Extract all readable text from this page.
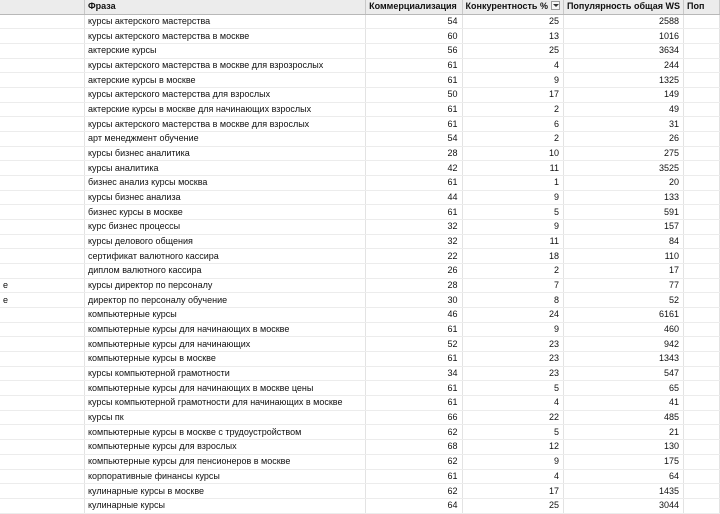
	Фраза	Коммерциализация	Конкурентность %	Популярность общая WS	Поп
	курсы актерского мастерства	54	25	2588	
	курсы актерского мастерства в москве	60	13	1016	
	актерские курсы	56	25	3634	
	курсы актерского мастерства в москве для взрозрослых	61	4	244	
	актерские курсы в москве	61	9	1325	
	курсы актерского мастерства для взрослых	50	17	149	
	актерские курсы в москве для начинающих взрослых	61	2	49	
	курсы актерского мастерства в москве для взрослых	61	6	31	
	арт менеджмент обучение	54	2	26	
	курсы бизнес аналитика	28	10	275	
	курсы аналитика	42	11	3525	
	бизнес анализ курсы москва	61	1	20	
	курсы бизнес анализа	44	9	133	
	бизнес курсы в москве	61	5	591	
	курс бизнес процессы	32	9	157	
	курсы делового общения	32	11	84	
	сертификат валютного кассира	22	18	110	
	диплом валютного кассира	26	2	17	
e	курсы директор по персоналу	28	7	77	
e	директор по персоналу обучение	30	8	52	
	компьютерные курсы	46	24	6161	
	компьютерные курсы для начинающих в москве	61	9	460	
	компьютерные курсы для начинающих	52	23	942	
	компьютерные курсы в москве	61	23	1343	
	курсы компьютерной грамотности	34	23	547	
	компьютерные курсы для начинающих в москве цены	61	5	65	
	курсы компьютерной грамотности для начинающих в москве	61	4	41	
	курсы пк	66	22	485	
	компьютерные курсы в москве с трудоустройством	62	5	21	
	компьютерные курсы для взрослых	68	12	130	
	компьютерные курсы для пенсионеров в москве	62	9	175	
	корпоративные финансы курсы	61	4	64	
	кулинарные курсы в москве	62	17	1435	
	кулинарные курсы	64	25	3044	
